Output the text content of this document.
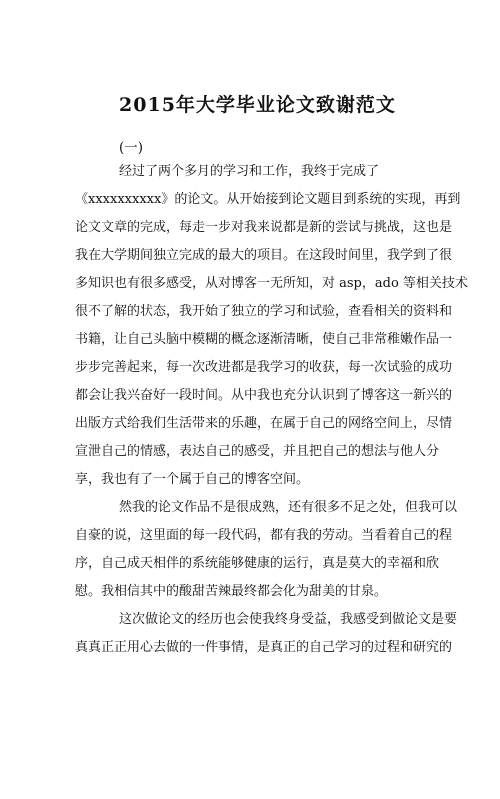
2015年大学毕业论文致谢范文
(一)

经过了两个多月的学习和工作，我终于完成了
《xxxxxxxxxx》的论文。从开始接到论文题目到系统的实现，再到
论文文章的完成，每走一步对我来说都是新的尝试与挑战，这也是
我在大学期间独立完成的最大的项目。在这段时间里，我学到了很
多知识也有很多感受，从对博客一无所知，对 asp，ado 等相关技术
很不了解的状态，我开始了独立的学习和试验，查看相关的资料和
书籍，让自己头脑中模糊的概念逐渐清晰，使自己非常稚嫩作品一
步步完善起来，每一次改进都是我学习的收获，每一次试验的成功
都会让我兴奋好一段时间。从中我也充分认识到了博客这一新兴的
出版方式给我们生活带来的乐趣，在属于自己的网络空间上，尽情
宣泄自己的情感，表达自己的感受，并且把自己的想法与他人分
享，我也有了一个属于自己的博客空间。

然我的论文作品不是很成熟，还有很多不足之处，但我可以
自豪的说，这里面的每一段代码，都有我的劳动。当看着自己的程
序，自己成天相伴的系统能够健康的运行，真是莫大的幸福和欣
慰。我相信其中的酸甜苦辣最终都会化为甜美的甘泉。

这次做论文的经历也会使我终身受益，我感受到做论文是要
真真正正用心去做的一件事情，是真正的自己学习的过程和研究的
